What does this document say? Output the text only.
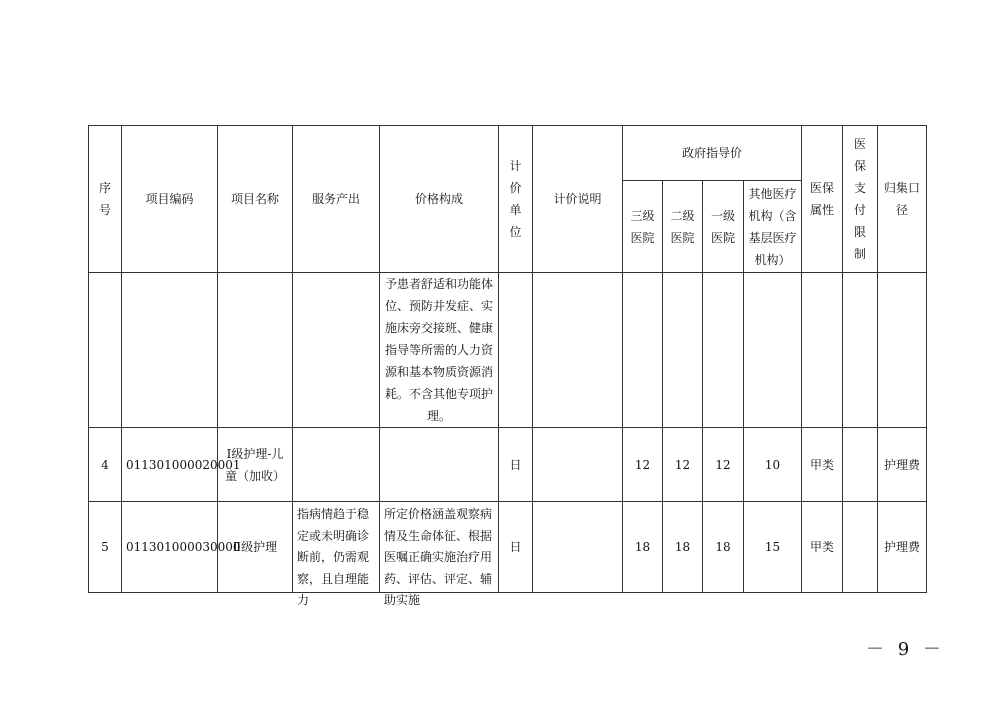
序号	项目编码	项目名称	服务产出	价格构成	计价单位	计价说明	政府指导价				医保属性	医保支付限制	归集口径
							三级医院	二级医院	一级医院	其他医疗机构（含基层医疗机构）			
				予患者舒适和功能体位、预防并发症、实施床旁交接班、健康指导等所需的人力资源和基本物质资源消耗。不含其他专项护理。									
4	011301000020001	Ⅰ级护理-儿童（加收）			日		12	12	12	10	甲类		护理费
5	011301000030000	Ⅱ级护理	指病情趋于稳定或未明确诊断前，仍需观察，且自理能力	所定价格涵盖观察病情及生命体征、根据医嘱正确实施治疗用药、评估、评定、辅助实施	日		18	18	18	15	甲类		护理费
－ 9 －
